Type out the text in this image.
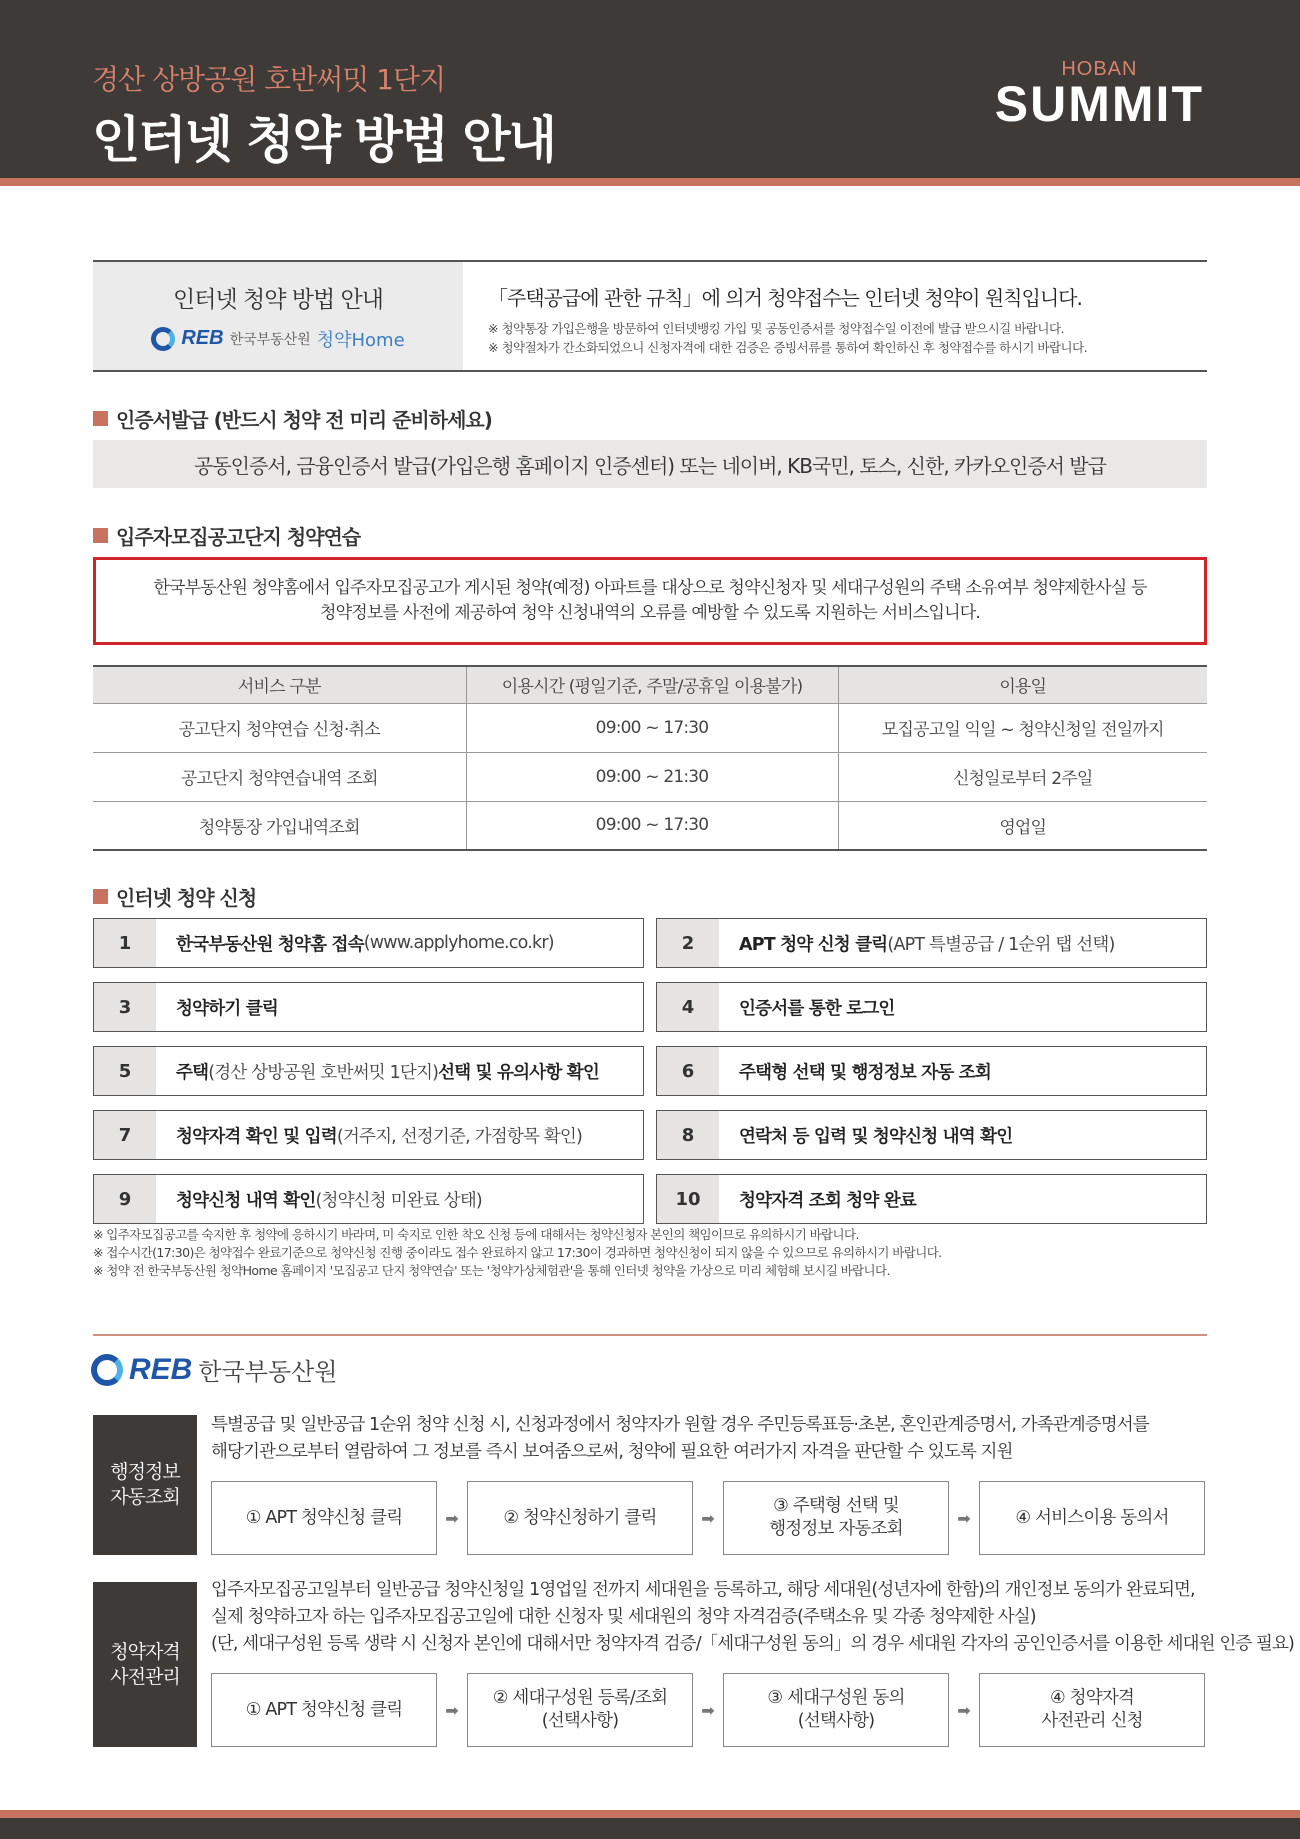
경산 상방공원 호반써밋 1단지
인터넷 청약 방법 안내
HOBAN
SUMMIT
인터넷 청약 방법 안내
REB 한국부동산원 청약Home
「주택공급에 관한 규칙」에 의거 청약접수는 인터넷 청약이 원칙입니다.
※ 청약통장 가입은행을 방문하여 인터넷뱅킹 가입 및 공동인증서를 청약접수일 이전에 발급 받으시길 바랍니다.
※ 청약절차가 간소화되었으니 신청자격에 대한 검증은 증빙서류를 통하여 확인하신 후 청약접수를 하시기 바랍니다.
인증서발급 (반드시 청약 전 미리 준비하세요)
공동인증서, 금융인증서 발급(가입은행 홈페이지 인증센터) 또는 네이버, KB국민, 토스, 신한, 카카오인증서 발급
입주자모집공고단지 청약연습
한국부동산원 청약홈에서 입주자모집공고가 게시된 청약(예정) 아파트를 대상으로 청약신청자 및 세대구성원의 주택 소유여부 청약제한사실 등
청약정보를 사전에 제공하여 청약 신청내역의 오류를 예방할 수 있도록 지원하는 서비스입니다.
서비스 구분	이용시간 (평일기준, 주말/공휴일 이용불가)	이용일
공고단지 청약연습 신청·취소	09:00 ~ 17:30	모집공고일 익일 ~ 청약신청일 전일까지
공고단지 청약연습내역 조회	09:00 ~ 21:30	신청일로부터 2주일
청약통장 가입내역조회	09:00 ~ 17:30	영업일
인터넷 청약 신청
1	한국부동산원 청약홈 접속 (www.applyhome.co.kr)	2	APT 청약 신청 클릭 (APT 특별공급 / 1순위 탭 선택)
3	청약하기 클릭	4	인증서를 통한 로그인
5	주택 (경산 상방공원 호반써밋 1단지) 선택 및 유의사항 확인	6	주택형 선택 및 행정정보 자동 조회
7	청약자격 확인 및 입력 (거주지, 선정기준, 가점항목 확인)	8	연락처 등 입력 및 청약신청 내역 확인
9	청약신청 내역 확인 (청약신청 미완료 상태)	10	청약자격 조회 청약 완료
※ 입주자모집공고를 숙지한 후 청약에 응하시기 바라며, 미 숙지로 인한 착오 신청 등에 대해서는 청약신청자 본인의 책임이므로 유의하시기 바랍니다.
※ 접수시간(17:30)은 청약접수 완료기준으로 청약신청 진행 중이라도 접수 완료하지 않고 17:30이 경과하면 청약신청이 되지 않을 수 있으므로 유의하시기 바랍니다.
※ 청약 전 한국부동산원 청약Home 홈페이지 '모집공고 단지 청약연습' 또는 '청약가상체험관'을 통해 인터넷 청약을 가상으로 미리 체험해 보시길 바랍니다.
REB 한국부동산원
행정정보
자동조회
특별공급 및 일반공급 1순위 청약 신청 시, 신청과정에서 청약자가 원할 경우 주민등록표등·초본, 혼인관계증명서, 가족관계증명서를
해당기관으로부터 열람하여 그 정보를 즉시 보여줌으로써, 청약에 필요한 여러가지 자격을 판단할 수 있도록 지원
① APT 청약신청 클릭	➡	② 청약신청하기 클릭	➡
③ 주택형 선택 및
행정정보 자동조회
➡	④ 서비스이용 동의서
청약자격
사전관리
입주자모집공고일부터 일반공급 청약신청일 1영업일 전까지 세대원을 등록하고, 해당 세대원(성년자에 한함)의 개인정보 동의가 완료되면,
실제 청약하고자 하는 입주자모집공고일에 대한 신청자 및 세대원의 청약 자격검증(주택소유 및 각종 청약제한 사실)
(단, 세대구성원 등록 생략 시 신청자 본인에 대해서만 청약자격 검증/「세대구성원 동의」의 경우 세대원 각자의 공인인증서를 이용한 세대원 인증 필요)
① APT 청약신청 클릭	➡
② 세대구성원 등록/조회
(선택사항)
➡
③ 세대구성원 동의
(선택사항)
➡
④ 청약자격
사전관리 신청
